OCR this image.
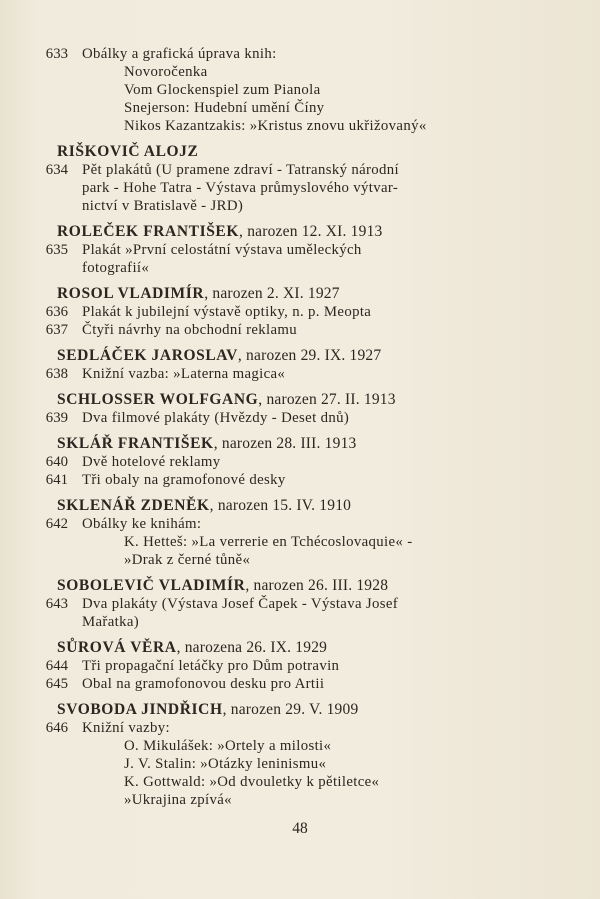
633 Obálky a grafická úprava knih:
Novoročenka
Vom Glockenspiel zum Pianola
Snejerson: Hudební umění Číny
Nikos Kazantzakis: »Kristus znovu ukřižovaný«
RIŠKOVIČ ALOJZ
634 Pět plakátů (U pramene zdraví - Tatranský národní
park - Hohe Tatra - Výstava průmyslového výtvar-
nictví v Bratislavě - JRD)
ROLEČEK FRANTIŠEK, narozen 12. XI. 1913
635 Plakát »První celostátní výstava uměleckých
fotografií«
ROSOL VLADIMÍR, narozen 2. XI. 1927
636 Plakát k jubilejní výstavě optiky, n. p. Meopta
637 Čtyři návrhy na obchodní reklamu
SEDLÁČEK JAROSLAV, narozen 29. IX. 1927
638 Knižní vazba: »Laterna magica«
SCHLOSSER WOLFGANG, narozen 27. II. 1913
639 Dva filmové plakáty (Hvězdy - Deset dnů)
SKLÁŘ FRANTIŠEK, narozen 28. III. 1913
640 Dvě hotelové reklamy
641 Tři obaly na gramofonové desky
SKLENÁŘ ZDENĚK, narozen 15. IV. 1910
642 Obálky ke knihám:
K. Hetteš: »La verrerie en Tchécoslovaquie« -
»Drak z černé tůně«
SOBOLEVIČ VLADIMÍR, narozen 26. III. 1928
643 Dva plakáty (Výstava Josef Čapek - Výstava Josef
Mařatka)
SŮROVÁ VĚRA, narozena 26. IX. 1929
644 Tři propagační letáčky pro Dům potravin
645 Obal na gramofonovou desku pro Artii
SVOBODA JINDŘICH, narozen 29. V. 1909
646 Knižní vazby:
O. Mikulášek: »Ortely a milosti«
J. V. Stalin: »Otázky leninismu«
K. Gottwald: »Od dvouletky k pětiletce«
»Ukrajina zpívá«
48
